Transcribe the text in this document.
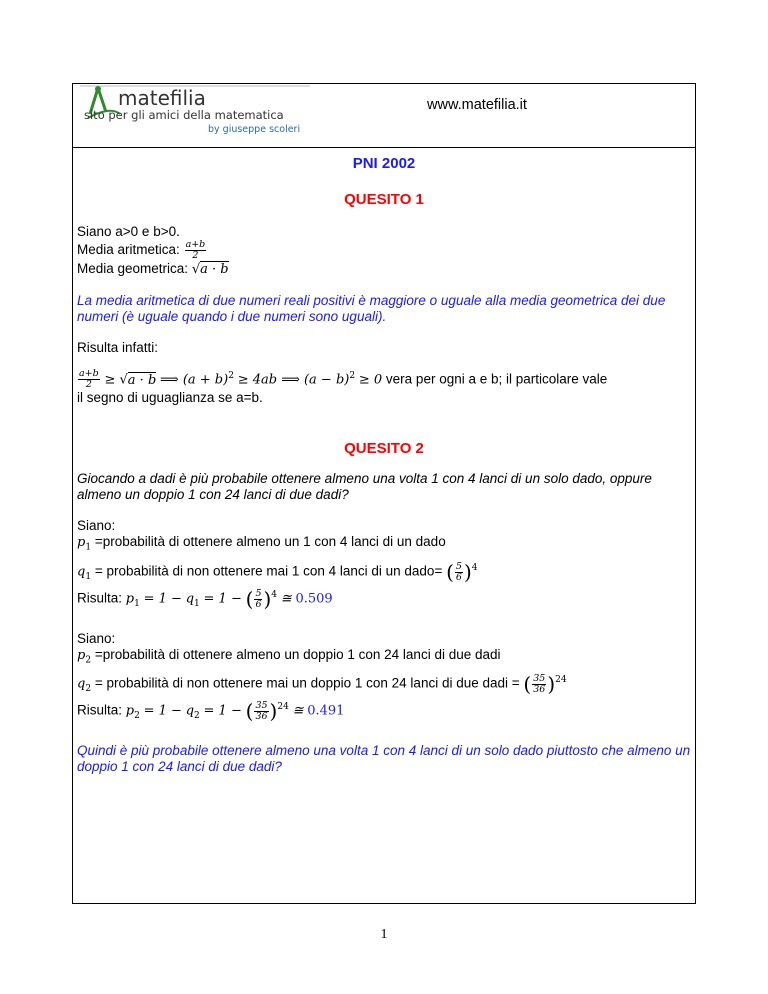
matefilia
sito per gli amici della matematica
by giuseppe scoleri
www.matefilia.it
PNI 2002
QUESITO 1

Siano a>0 e b>0.

Media aritmetica: $\frac{a+b}{2}$

Media geometrica: √a · b

La media aritmetica di due numeri reali positivi è maggiore o uguale alla media geometrica dei due numeri (è uguale quando i due numeri sono uguali).

Risulta infatti:

$\frac{a+b}{2} \ge √a \cdot b$ ⟹ $(a + b)^2 \ge 4ab$ ⟹ $(a - b)^2 \ge 0$ vera per ogni a e b; il particolare vale

il segno di uguaglianza se a=b.

QUESITO 2

Giocando a dadi è più probabile ottenere almeno una volta 1 con 4 lanci di un solo dado, oppure almeno un doppio 1 con 24 lanci di due dadi?

Siano:

$p_1$ =probabilità di ottenere almeno un 1 con 4 lanci di un dado

$q_1$ = probabilità di non ottenere mai 1 con 4 lanci di un dado= ( $\frac{5}{6} )^4$

Risulta: $p_1 = 1 - q_1 = 1$ − ( $\frac{5}{6} )^4$ ≅ 0.509

Siano:

$p_2$ =probabilità di ottenere almeno un doppio 1 con 24 lanci di due dadi

$q_2$ = probabilità di non ottenere mai un doppio 1 con 24 lanci di due dadi = ( $\frac{35}{36} )^{24}$

Risulta: $p_2 = 1 - q_2 = 1$ − ( $\frac{35}{36} )^{24}$ ≅ 0.491

Quindi è più probabile ottenere almeno una volta 1 con 4 lanci di un solo dado piuttosto che almeno un doppio 1 con 24 lanci di due dadi?

1
